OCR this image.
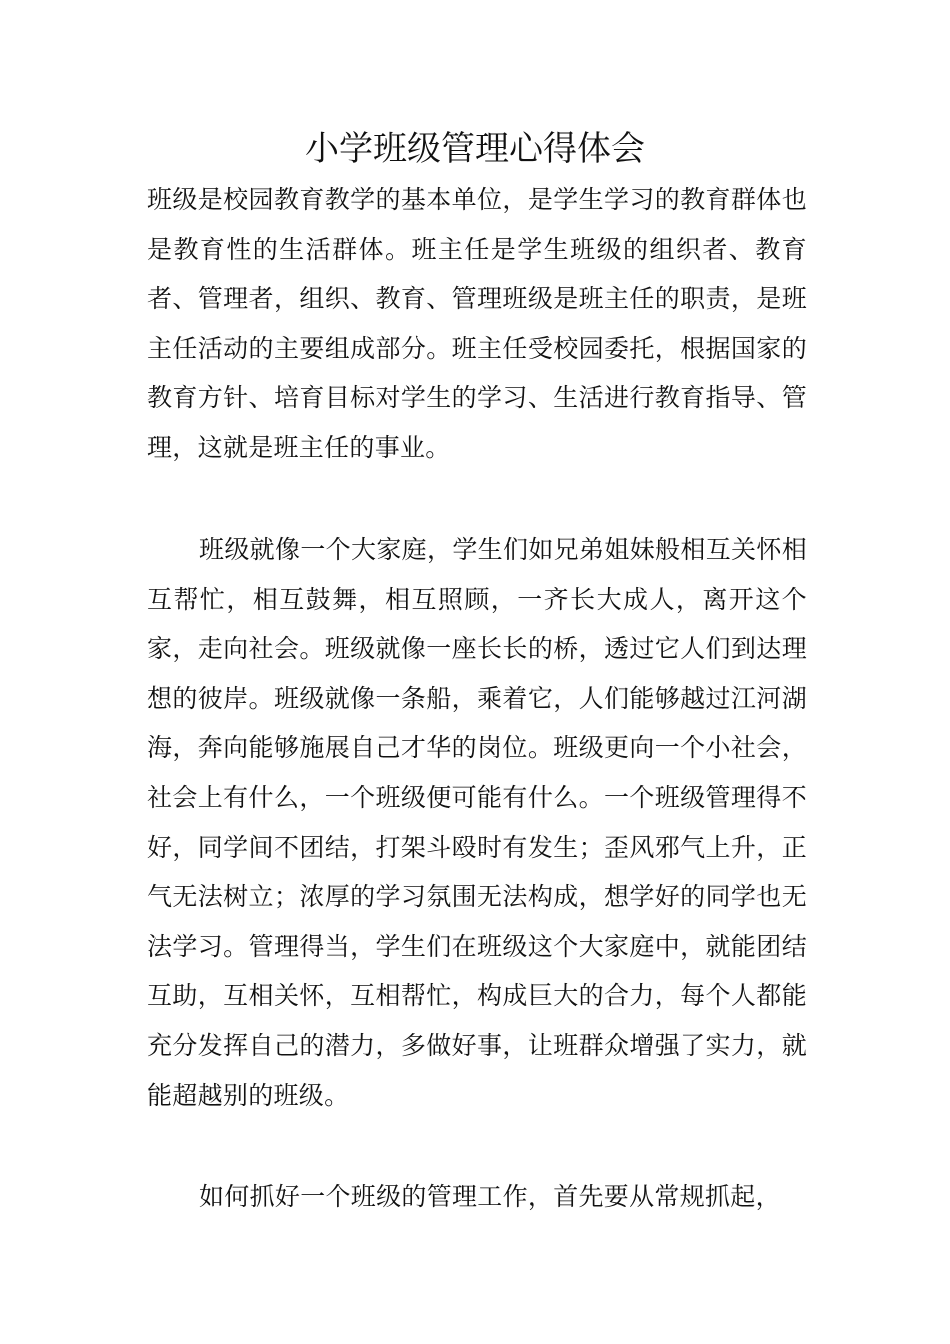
小学班级管理心得体会

班级是校园教育教学的基本单位，是学生学习的教育群体也是教育性的生活群体。班主任是学生班级的组织者、教育者、管理者，组织、教育、管理班级是班主任的职责，是班主任活动的主要组成部分。班主任受校园委托，根据国家的教育方针、培育目标对学生的学习、生活进行教育指导、管理，这就是班主任的事业。

班级就像一个大家庭，学生们如兄弟姐妹般相互关怀相互帮忙，相互鼓舞，相互照顾，一齐长大成人，离开这个家，走向社会。班级就像一座长长的桥，透过它人们到达理想的彼岸。班级就像一条船，乘着它，人们能够越过江河湖海，奔向能够施展自己才华的岗位。班级更向一个小社会，社会上有什么，一个班级便可能有什么。一个班级管理得不好，同学间不团结，打架斗殴时有发生；歪风邪气上升，正气无法树立；浓厚的学习氛围无法构成，想学好的同学也无法学习。管理得当，学生们在班级这个大家庭中，就能团结互助，互相关怀，互相帮忙，构成巨大的合力，每个人都能充分发挥自己的潜力，多做好事，让班群众增强了实力，就能超越别的班级。

如何抓好一个班级的管理工作，首先要从常规抓起，
